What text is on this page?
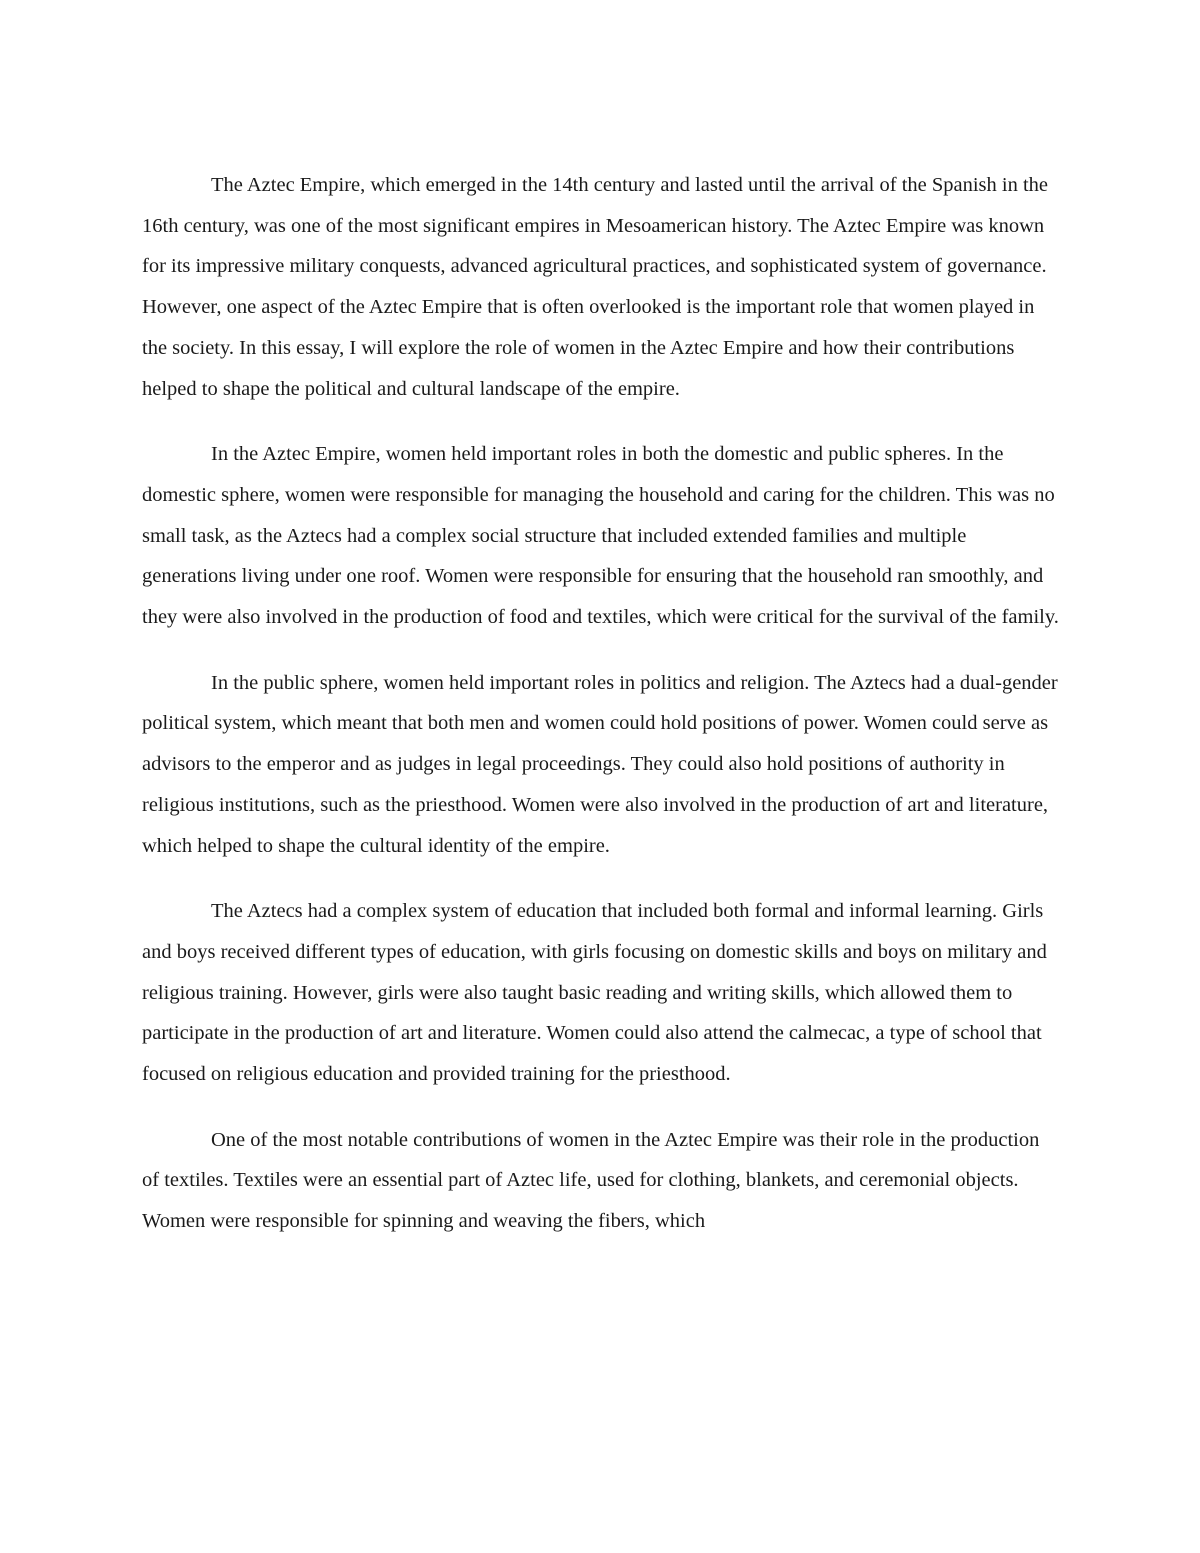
The Aztec Empire, which emerged in the 14th century and lasted until the arrival of the Spanish in the 16th century, was one of the most significant empires in Mesoamerican history. The Aztec Empire was known for its impressive military conquests, advanced agricultural practices, and sophisticated system of governance. However, one aspect of the Aztec Empire that is often overlooked is the important role that women played in the society. In this essay, I will explore the role of women in the Aztec Empire and how their contributions helped to shape the political and cultural landscape of the empire.

In the Aztec Empire, women held important roles in both the domestic and public spheres. In the domestic sphere, women were responsible for managing the household and caring for the children. This was no small task, as the Aztecs had a complex social structure that included extended families and multiple generations living under one roof. Women were responsible for ensuring that the household ran smoothly, and they were also involved in the production of food and textiles, which were critical for the survival of the family.

In the public sphere, women held important roles in politics and religion. The Aztecs had a dual-gender political system, which meant that both men and women could hold positions of power. Women could serve as advisors to the emperor and as judges in legal proceedings. They could also hold positions of authority in religious institutions, such as the priesthood. Women were also involved in the production of art and literature, which helped to shape the cultural identity of the empire.

The Aztecs had a complex system of education that included both formal and informal learning. Girls and boys received different types of education, with girls focusing on domestic skills and boys on military and religious training. However, girls were also taught basic reading and writing skills, which allowed them to participate in the production of art and literature. Women could also attend the calmecac, a type of school that focused on religious education and provided training for the priesthood.

One of the most notable contributions of women in the Aztec Empire was their role in the production of textiles. Textiles were an essential part of Aztec life, used for clothing, blankets, and ceremonial objects. Women were responsible for spinning and weaving the fibers, which
